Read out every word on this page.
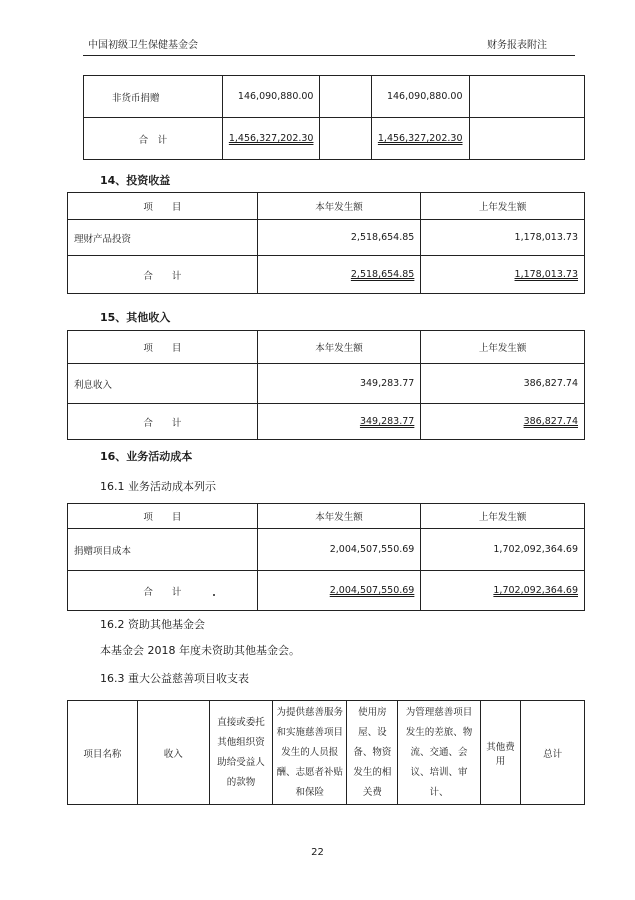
中国初级卫生保健基金会	财务报表附注
非货币捐赠	146,090,880.00		146,090,880.00	
合　计	1,456,327,202.30		1,456,327,202.30	
14、投资收益
项　　目	本年发生额	上年发生额
理财产品投资	2,518,654.85	1,178,013.73
合　　计	2,518,654.85	1,178,013.73
15、其他收入
项　　目	本年发生额	上年发生额
利息收入	349,283.77	386,827.74
合　　计	349,283.77	386,827.74
16、业务活动成本
16.1 业务活动成本列示
项　　目	本年发生额	上年发生额
捐赠项目成本	2,004,507,550.69	1,702,092,364.69
合　　计	2,004,507,550.69	1,702,092,364.69
16.2 资助其他基金会
本基金会 2018 年度未资助其他基金会。
16.3 重大公益慈善项目收支表
项目名称	收入	直接或委托其他组织资助给受益人的款物	为提供慈善服务和实施慈善项目发生的人员报酬、志愿者补贴和保险	使用房屋、设备、物资发生的相关费	为管理慈善项目发生的差旅、物流、交通、会议、培训、审计、	其他费用	总计
22
